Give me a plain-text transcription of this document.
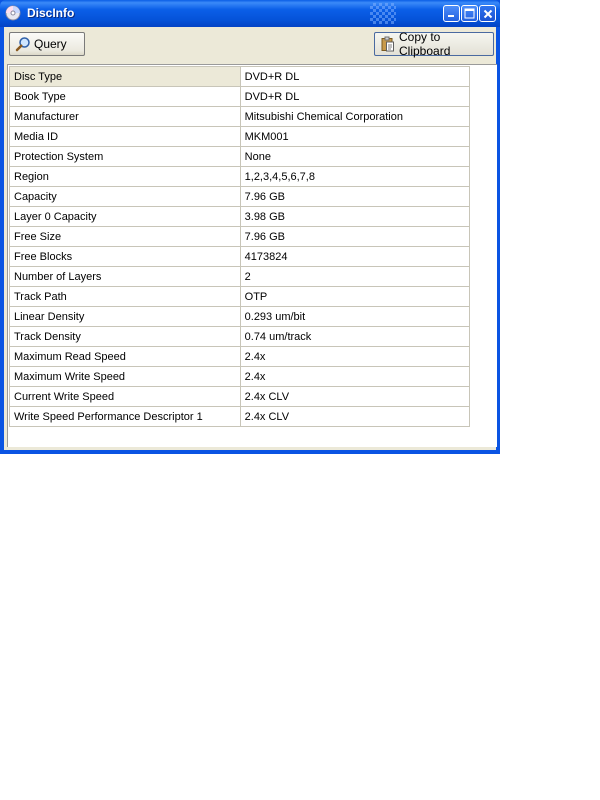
DiscInfo
Query	Copy to Clipboard
Disc Type	DVD+R DL
Book Type	DVD+R DL
Manufacturer	Mitsubishi Chemical Corporation
Media ID	MKM001
Protection System	None
Region	1,2,3,4,5,6,7,8
Capacity	7.96 GB
Layer 0 Capacity	3.98 GB
Free Size	7.96 GB
Free Blocks	4173824
Number of Layers	2
Track Path	OTP
Linear Density	0.293 um/bit
Track Density	0.74 um/track
Maximum Read Speed	2.4x
Maximum Write Speed	2.4x
Current Write Speed	2.4x CLV
Write Speed Performance Descriptor 1	2.4x CLV
